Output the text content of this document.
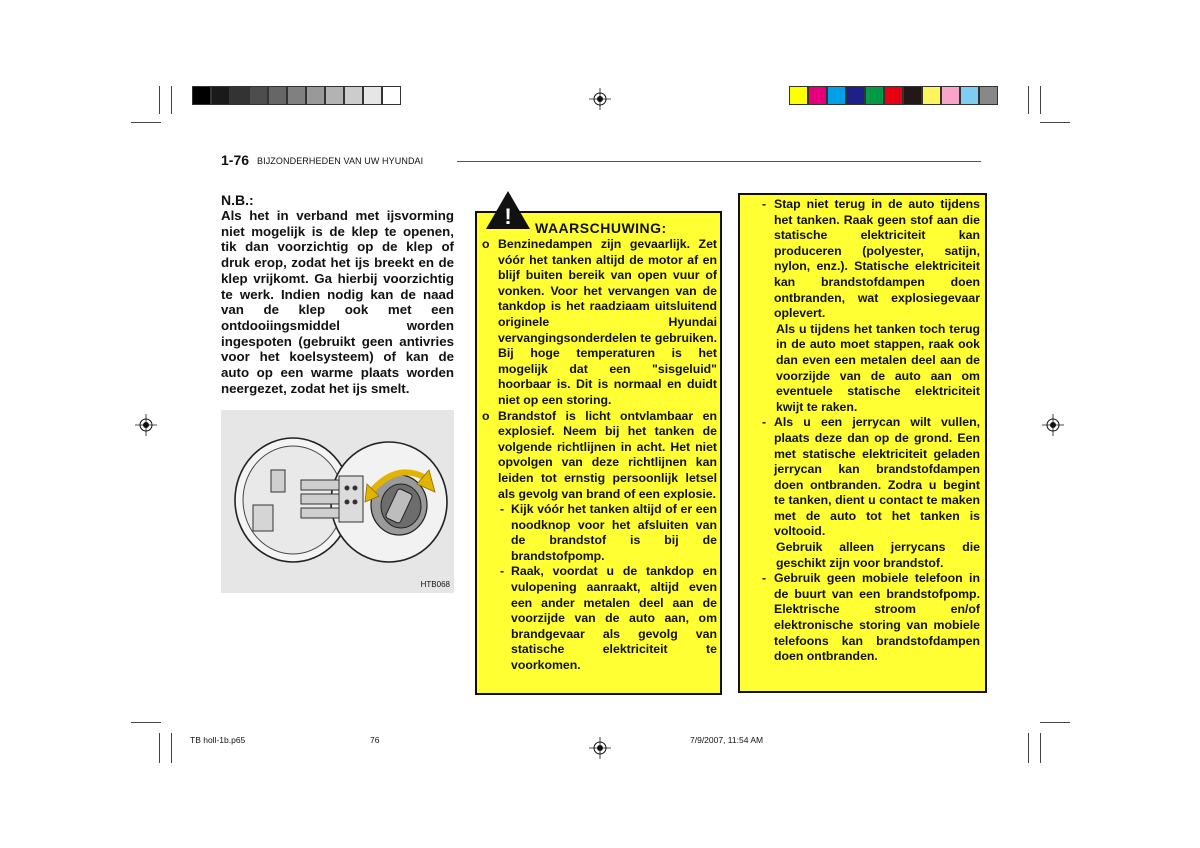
1-76 BIJZONDERHEDEN VAN UW HYUNDAI
N.B.:
Als het in verband met ijsvorming niet mogelijk is de klep te openen, tik dan voorzichtig op de klep of druk erop, zodat het ijs breekt en de klep vrijkomt. Ga hierbij voorzichtig te werk. Indien nodig kan de naad van de klep ook met een ontdooiingsmiddel worden ingespoten (gebruikt geen antivries voor het koelsysteem) of kan de auto op een warme plaats worden neergezet, zodat het ijs smelt.
HTB068
! WAARSCHUWING:
o Benzinedampen zijn gevaarlijk. Zet vóór het tanken altijd de motor af en blijf buiten bereik van open vuur of vonken. Voor het vervangen van de tankdop is het raadziaam uitsluitend originele Hyundai vervangingsonderdelen te gebruiken. Bij hoge temperaturen is het mogelijk dat een "sisgeluid" hoorbaar is. Dit is normaal en duidt niet op een storing.
o Brandstof is licht ontvlambaar en explosief. Neem bij het tanken de volgende richtlijnen in acht. Het niet opvolgen van deze richtlijnen kan leiden tot ernstig persoonlijk letsel als gevolg van brand of een explosie.
- Kijk vóór het tanken altijd of er een noodknop voor het afsluiten van de brandstof is bij de brandstofpomp.
- Raak, voordat u de tankdop en vulopening aanraakt, altijd even een ander metalen deel aan de voorzijde van de auto aan, om brandgevaar als gevolg van statische elektriciteit te voorkomen.
- Stap niet terug in de auto tijdens het tanken. Raak geen stof aan die statische elektriciteit kan produceren (polyester, satijn, nylon, enz.). Statische elektriciteit kan brandstofdampen doen ontbranden, wat explosiegevaar oplevert.
Als u tijdens het tanken toch terug in de auto moet stappen, raak ook dan even een metalen deel aan de voorzijde van de auto aan om eventuele statische elektriciteit kwijt te raken.
- Als u een jerrycan wilt vullen, plaats deze dan op de grond. Een met statische elektriciteit geladen jerrycan kan brandstofdampen doen ontbranden. Zodra u begint te tanken, dient u contact te maken met de auto tot het tanken is voltooid.
Gebruik alleen jerrycans die geschikt zijn voor brandstof.
- Gebruik geen mobiele telefoon in de buurt van een brandstofpomp. Elektrische stroom en/of elektronische storing van mobiele telefoons kan brandstofdampen doen ontbranden.
TB holl-1b.p65	76	7/9/2007, 11:54 AM
